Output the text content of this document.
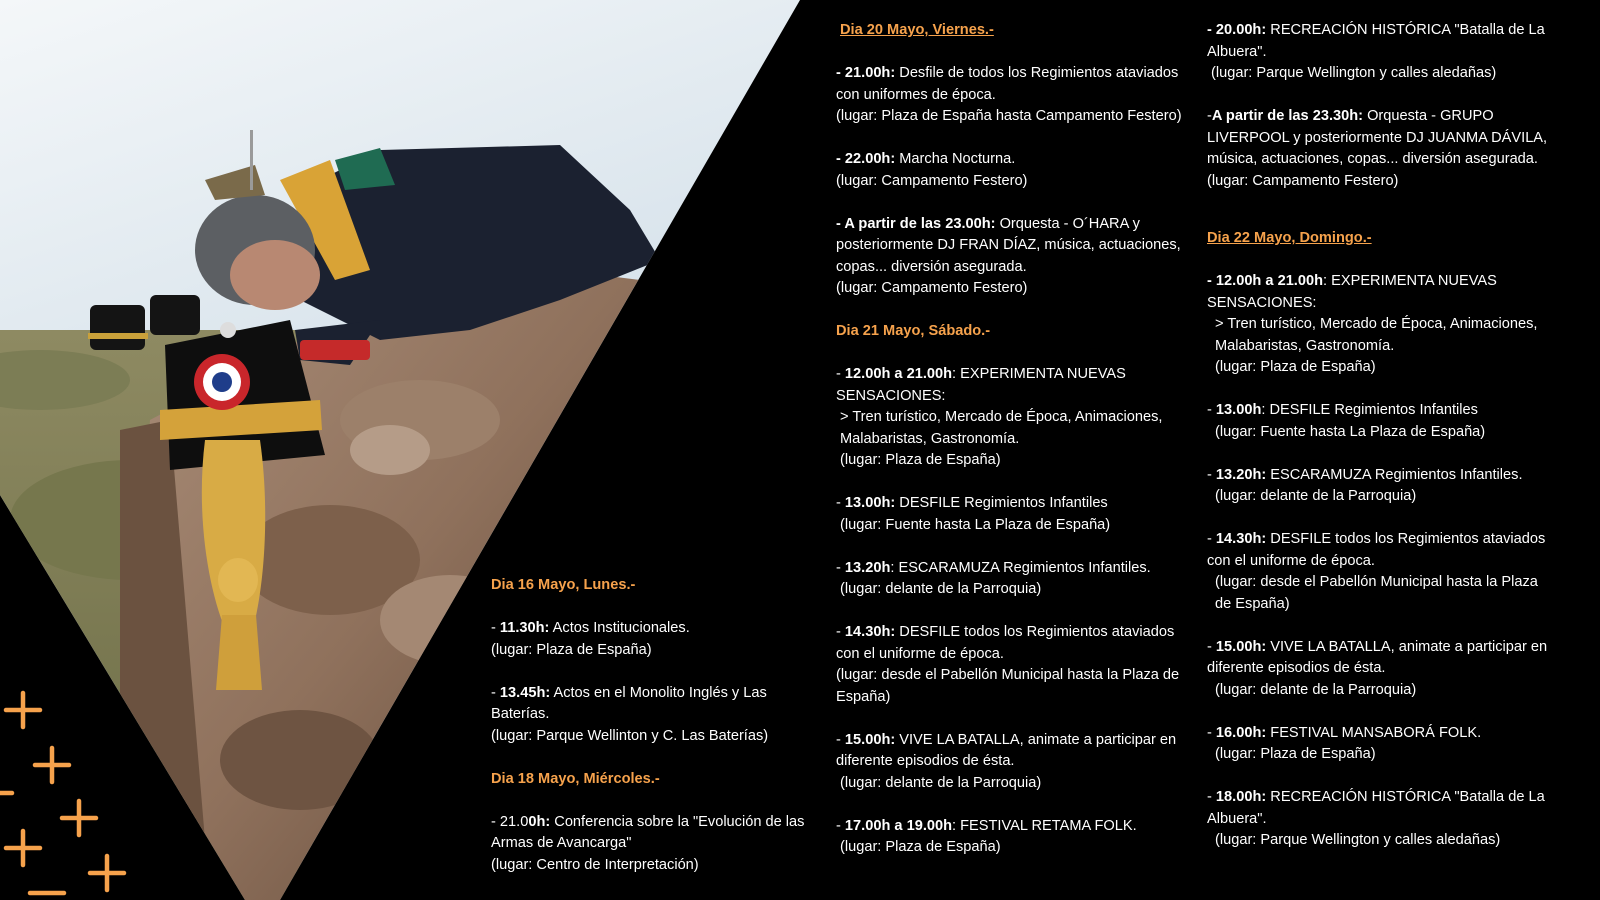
Dia 16 Mayo, Lunes.-

- 11.30h: Actos Institucionales.
(lugar: Plaza de España)

- 13.45h: Actos en el Monolito Inglés y Las Baterías.
(lugar: Parque Wellinton y C. Las Baterías)

Dia 18 Mayo, Miércoles.-

- 21.00h: Conferencia sobre la "Evolución de las Armas de Avancarga"
(lugar: Centro de Interpretación)

Dia 20 Mayo, Viernes.-

- 21.00h: Desfile de todos los Regimientos ataviados con uniformes de época.
(lugar: Plaza de España hasta Campamento Festero)

- 22.00h: Marcha Nocturna.
(lugar: Campamento Festero)

- A partir de las 23.00h: Orquesta - O´HARA y posteriormente DJ FRAN DÍAZ, música, actuaciones, copas... diversión asegurada.
(lugar: Campamento Festero)

Dia 21 Mayo, Sábado.-

- 12.00h a 21.00h: EXPERIMENTA NUEVAS SENSACIONES:
> Tren turístico, Mercado de Época, Animaciones, Malabaristas, Gastronomía.
(lugar: Plaza de España)

- 13.00h: DESFILE Regimientos Infantiles
(lugar: Fuente hasta La Plaza de España)

- 13.20h: ESCARAMUZA Regimientos Infantiles.
(lugar: delante de la Parroquia)

- 14.30h: DESFILE todos los Regimientos ataviados con el uniforme de época.
(lugar: desde el Pabellón Municipal hasta la Plaza de España)

- 15.00h: VIVE LA BATALLA, animate a participar en diferente episodios de ésta.
(lugar: delante de la Parroquia)

- 17.00h a 19.00h: FESTIVAL RETAMA FOLK.
(lugar: Plaza de España)

- 20.00h: RECREACIÓN HISTÓRICA "Batalla de La Albuera".
(lugar: Parque Wellington y calles aledañas)

-A partir de las 23.30h: Orquesta - GRUPO LIVERPOOL y posteriormente DJ JUANMA DÁVILA, música, actuaciones, copas... diversión asegurada.
(lugar: Campamento Festero)

Dia 22 Mayo, Domingo.-

- 12.00h a 21.00h: EXPERIMENTA NUEVAS SENSACIONES:
> Tren turístico, Mercado de Época, Animaciones, Malabaristas, Gastronomía.
(lugar: Plaza de España)

- 13.00h: DESFILE Regimientos Infantiles
(lugar: Fuente hasta La Plaza de España)

- 13.20h: ESCARAMUZA Regimientos Infantiles.
(lugar: delante de la Parroquia)

- 14.30h: DESFILE todos los Regimientos ataviados con el uniforme de época.
(lugar: desde el Pabellón Municipal hasta la Plaza de España)

- 15.00h: VIVE LA BATALLA, animate a participar en diferente episodios de ésta.
(lugar: delante de la Parroquia)

- 16.00h: FESTIVAL MANSABORÁ FOLK.
(lugar: Plaza de España)

- 18.00h: RECREACIÓN HISTÓRICA "Batalla de La Albuera".
(lugar: Parque Wellington y calles aledañas)
